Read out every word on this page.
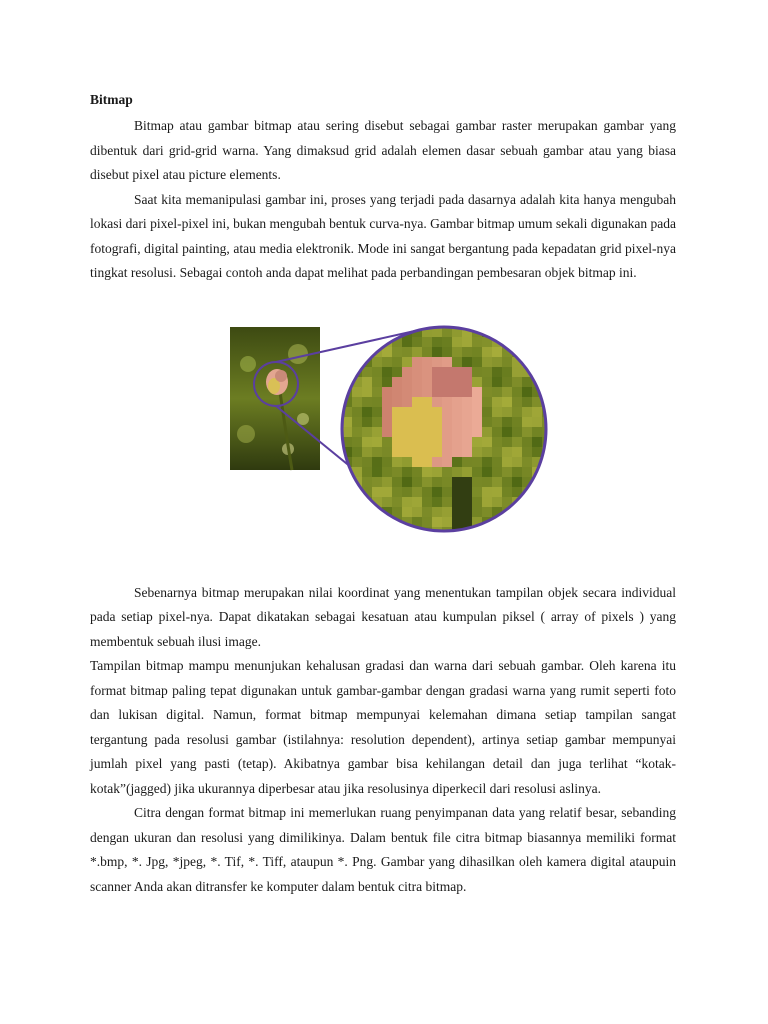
Bitmap

Bitmap atau gambar bitmap atau sering disebut sebagai gambar raster merupakan gambar yang dibentuk dari grid-grid warna. Yang dimaksud grid adalah elemen dasar sebuah gambar atau yang biasa disebut pixel atau picture elements.

Saat kita memanipulasi gambar ini, proses yang terjadi pada dasarnya adalah kita hanya mengubah lokasi dari pixel-pixel ini, bukan mengubah bentuk curva-nya. Gambar bitmap umum sekali digunakan pada fotografi, digital painting, atau media elektronik. Mode ini sangat bergantung pada kepadatan grid pixel-nya tingkat resolusi. Sebagai contoh anda dapat melihat pada perbandingan pembesaran objek bitmap ini.

Sebenarnya bitmap merupakan nilai koordinat yang menentukan tampilan objek secara individual pada setiap pixel-nya. Dapat dikatakan sebagai kesatuan atau kumpulan piksel ( array of pixels ) yang membentuk sebuah ilusi image.

Tampilan bitmap mampu menunjukan kehalusan gradasi dan warna dari sebuah gambar. Oleh karena itu format bitmap paling tepat digunakan untuk gambar-gambar dengan gradasi warna yang rumit seperti foto dan lukisan digital. Namun, format bitmap mempunyai kelemahan dimana setiap tampilan sangat tergantung pada resolusi gambar (istilahnya: resolution dependent), artinya setiap gambar mempunyai jumlah pixel yang pasti (tetap). Akibatnya gambar bisa kehilangan detail dan juga terlihat “kotak-kotak”(jagged) jika ukurannya diperbesar atau jika resolusinya diperkecil dari resolusi aslinya.

Citra dengan format bitmap ini memerlukan ruang penyimpanan data yang relatif besar, sebanding dengan ukuran dan resolusi yang dimilikinya. Dalam bentuk file citra bitmap biasannya memiliki format *.bmp, *. Jpg, *jpeg, *. Tif, *. Tiff, ataupun *. Png. Gambar yang dihasilkan oleh kamera digital ataupuin scanner Anda akan ditransfer ke komputer dalam bentuk citra bitmap.
